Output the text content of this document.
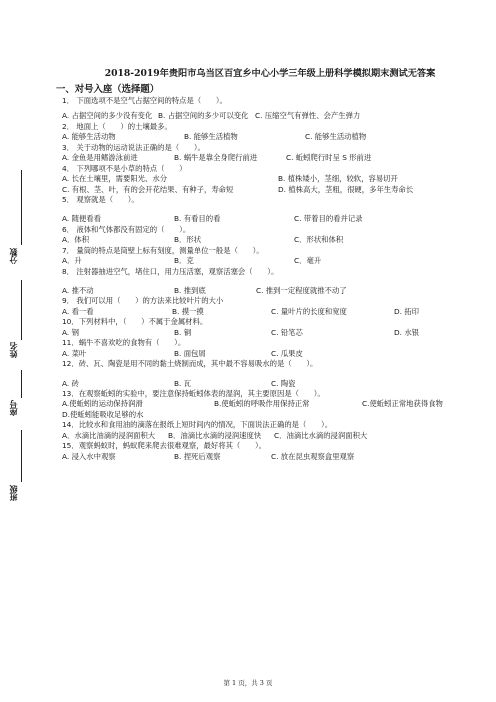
分数
姓名
座号
班级
2018-2019年贵阳市乌当区百宜乡中心小学三年级上册科学模拟期末测试无答案
一、对号入座（选择题）
1． 下面选项不是空气占据空间的特点是（　　）。
A. 占据空间的多少没有变化 B. 占据空间的多少可以变化 C. 压缩空气有弹性、会产生弹力
2． 地面上（　　）的土壤最多。
A. 能够生活动物	B. 能够生活植物	C. 能够生活动植物
3． 关于动物的运动说法正确的是（　　）。
A. 金鱼是用鳍游泳前进	B. 蜗牛是靠全身爬行前进	C. 蚯蚓爬行时呈 S 形前进
4． 下列哪项不是小草的特点（　　）
A. 长在土壤里，需要阳光、水分	B. 植株矮小，茎细，较软，容易切开
C. 有根、茎、叶，有的会开花结果、有种子，寿命短	D. 植株高大，茎粗，很硬，多年生寿命长
5． 观察就是（　　）。
A. 随便看看	B. 有看目的看	C. 带着目的看并记录
6． 液体和气体都没有固定的（　　）。
A．体积	B．形状	C．形状和体积
7． 量筒的特点是筒壁上标有刻度，测量单位一般是（　　）。
A．升	B．克	C．毫升
8． 注射器抽进空气，堵住口，用力压活塞，观察活塞会（　　）。
A. 推不动	B. 推到底	C. 推到一定程度就推不动了
9． 我们可以用（　　）的方法来比较叶片的大小
A. 看一看	B. 摸一摸	C. 量叶片的长度和宽度	D. 拓印
10．下列材料中，（　　）不属于金属材料。
A. 钢	B. 铜	C. 铅笔芯	D. 水银
11．蜗牛不喜欢吃的食物有（　　）。
A. 菜叶	B. 面包屑	C. 瓜果皮
12．砖、瓦、陶瓷是用不同的黏土烧制而成，其中最不容易吸水的是（　　）。
A. 砖	B. 瓦	C. 陶瓷
13．在观察蚯蚓的实验中，要注意保持蚯蚓体表的湿润，其主要原因是（　　）。
A.使蚯蚓的运动保持润滑	B.使蚯蚓的呼吸作用保持正常	C.使蚯蚓正常地获得食物
D.使蚯蚓能吸收足够的水
14．比较水和食用油的滴落在报纸上短时间内的情况，下面说法正确的是（　　）。
A．水滴比油滴的浸润面积大 B．油滴比水滴的浸润速度快 C．油滴比水滴的浸润面积大
15．观察蚂蚁时，蚂蚁爬来爬去很难观察，最好将其（　　）。
A. 浸入水中观察	B. 捏死后观察	C. 放在昆虫观察盒里观察
第 1 页，共 3 页
